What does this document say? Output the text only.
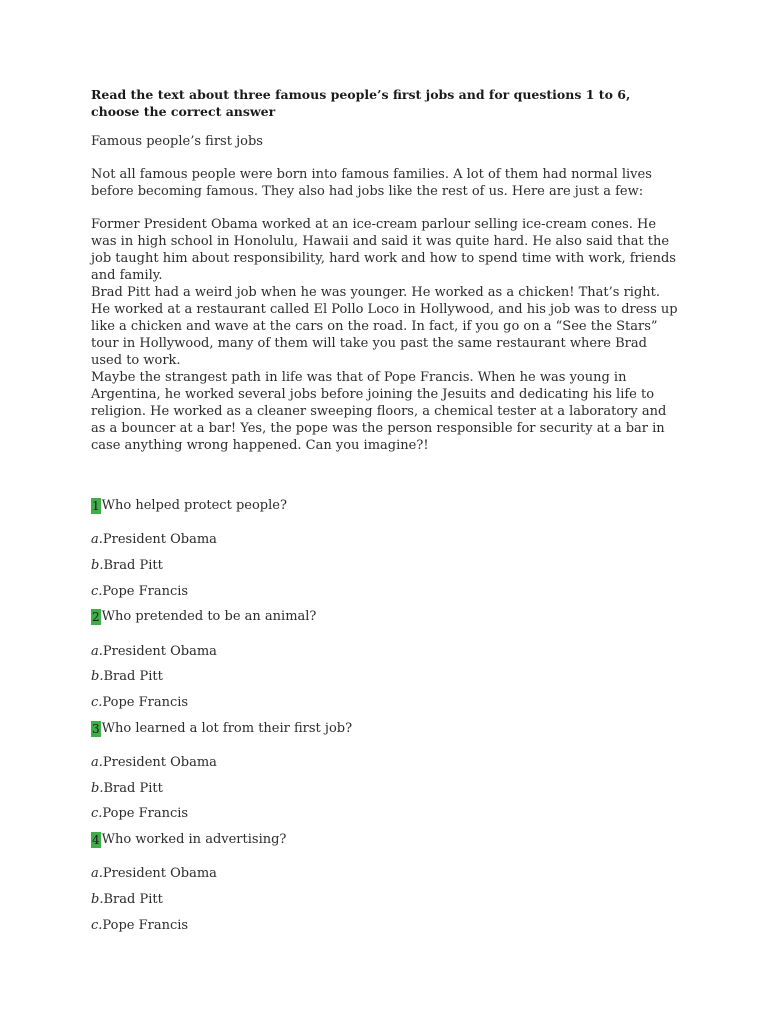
Read the text about three famous people’s first jobs and for questions 1 to 6, choose the correct answer

Famous people’s first jobs

Not all famous people were born into famous families. A lot of them had normal lives before becoming famous. They also had jobs like the rest of us. Here are just a few:

Former President Obama worked at an ice-cream parlour selling ice-cream cones. He was in high school in Honolulu, Hawaii and said it was quite hard. He also said that the job taught him about responsibility, hard work and how to spend time with work, friends and family.

Brad Pitt had a weird job when he was younger. He worked as a chicken! That’s right. He worked at a restaurant called El Pollo Loco in Hollywood, and his job was to dress up like a chicken and wave at the cars on the road. In fact, if you go on a “See the Stars” tour in Hollywood, many of them will take you past the same restaurant where Brad used to work.

Maybe the strangest path in life was that of Pope Francis. When he was young in Argentina, he worked several jobs before joining the Jesuits and dedicating his life to religion. He worked as a cleaner sweeping floors, a chemical tester at a laboratory and as a bouncer at a bar! Yes, the pope was the person responsible for security at a bar in case anything wrong happened. Can you imagine?!

1 Who helped protect people?
a.President Obama
b.Brad Pitt
c.Pope Francis
2 Who pretended to be an animal?
a.President Obama
b.Brad Pitt
c.Pope Francis
3 Who learned a lot from their first job?
a.President Obama
b.Brad Pitt
c.Pope Francis
4 Who worked in advertising?
a.President Obama
b.Brad Pitt
c.Pope Francis
